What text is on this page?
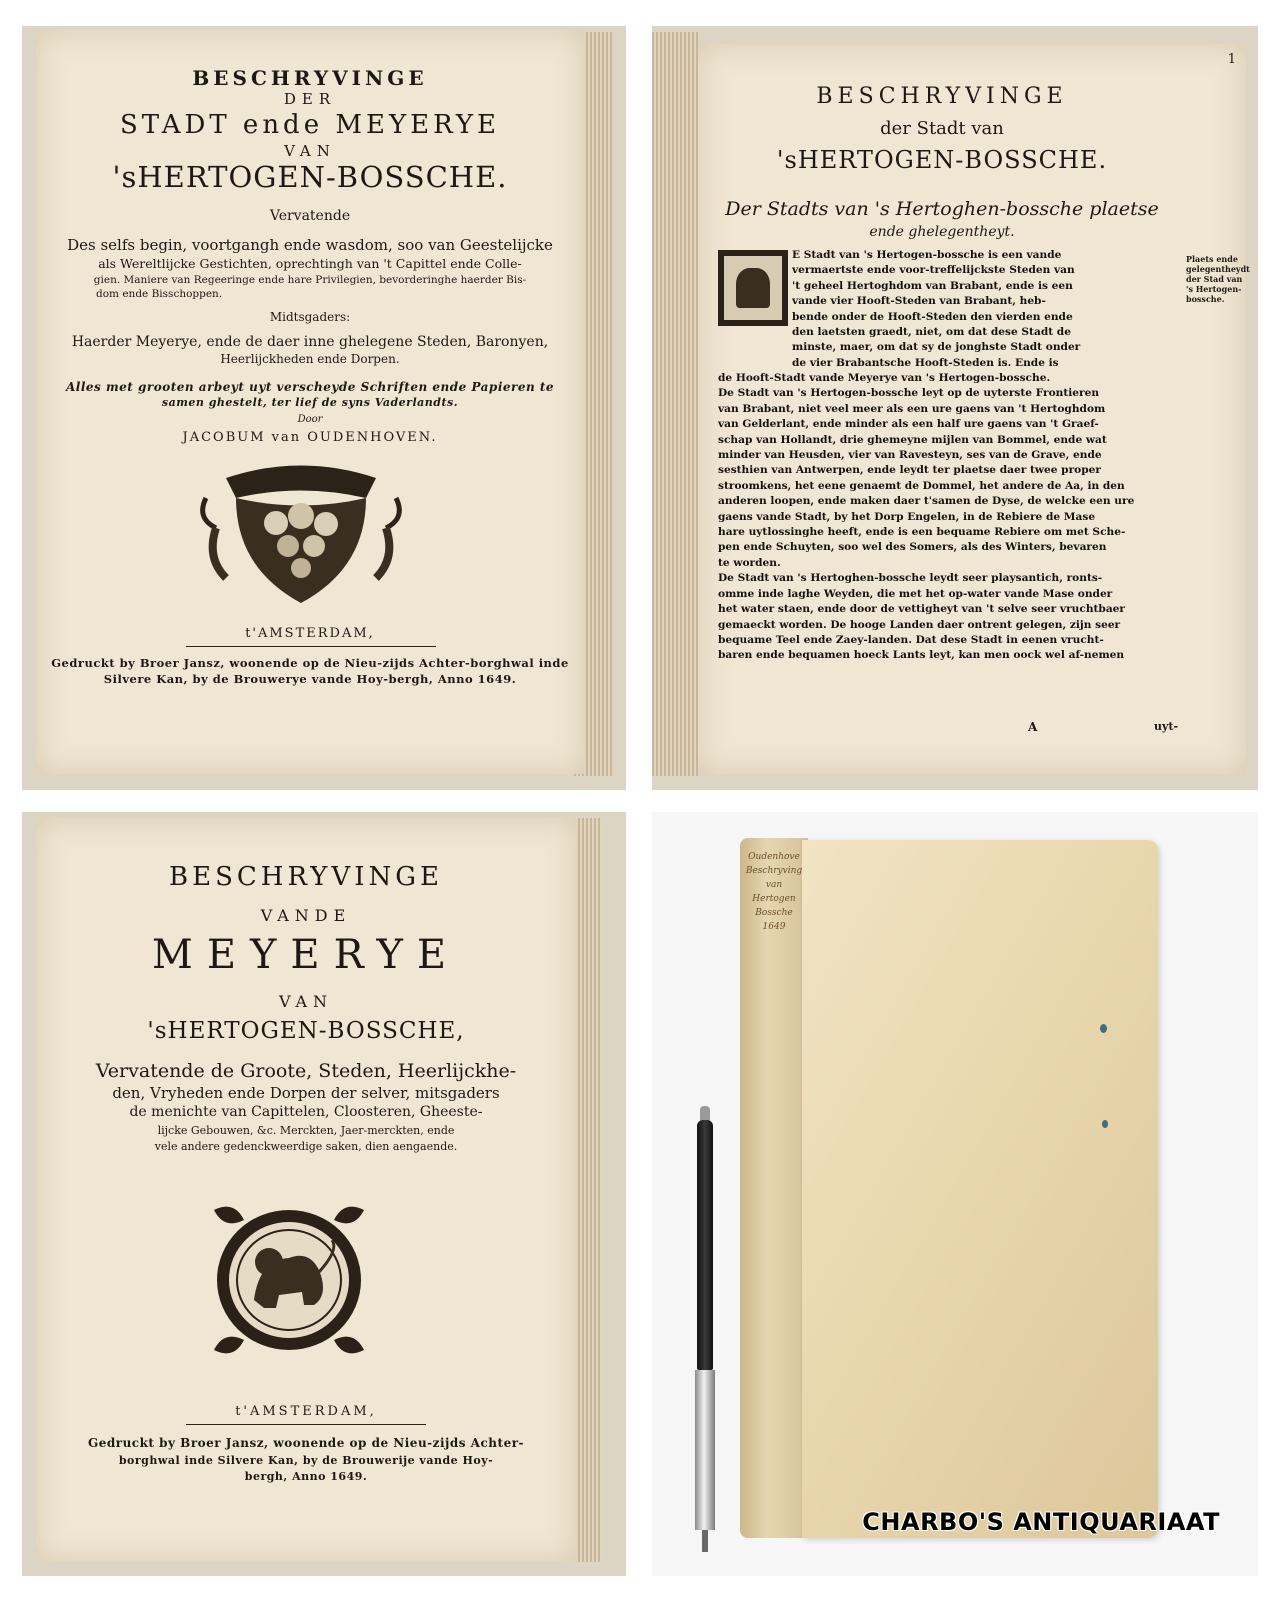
BESCHRYVINGE
DER
STADT ende MEYERYE
VAN
'sHERTOGEN-BOSSCHE.
Vervatende
Des selfs begin, voortgangh ende wasdom, soo van Geestelijcke
als Wereltlijcke Gestichten, oprechtingh van 't Capittel ende Colle-
gien. Maniere van Regeeringe ende hare Privilegien, bevorderinghe haerder Bis-
dom ende Bisschoppen.
Midtsgaders:
Haerder Meyerye, ende de daer inne ghelegene Steden, Baronyen,
Heerlijckheden ende Dorpen.
Alles met grooten arbeyt uyt verscheyde Schriften ende Papieren te
samen ghestelt, ter lief de syns Vaderlandts.
Door
JACOBUM van OUDENHOVEN.
t'AMSTERDAM,
Gedruckt by Broer Jansz, woonende op de Nieu-zijds Achter-borghwal inde
Silvere Kan, by de Brouwerye vande Hoy-bergh, Anno 1649.
1
BESCHRYVINGE
der Stadt van
'sHERTOGEN-BOSSCHE.
Der Stadts van 's Hertoghen-bossche plaetse
ende ghelegentheyt.
E Stadt van 's Hertogen-bossche is een vande
vermaertste ende voor-treffelijckste Steden van
't geheel Hertoghdom van Brabant, ende is een
vande vier Hooft-Steden van Brabant, heb-
bende onder de Hooft-Steden den vierden ende
den laetsten graedt, niet, om dat dese Stadt de
minste, maer, om dat sy de jonghste Stadt onder
de vier Brabantsche Hooft-Steden is. Ende is
Plaets ende
gelegentheydt
der Stad van
's Hertogen-
bossche.
de Hooft-Stadt vande Meyerye van 's Hertogen-bossche.
De Stadt van 's Hertogen-bossche leyt op de uyterste Frontieren
van Brabant, niet veel meer als een ure gaens van 't Hertoghdom
van Gelderlant, ende minder als een half ure gaens van 't Graef-
schap van Hollandt, drie ghemeyne mijlen van Bommel, ende wat
minder van Heusden, vier van Ravesteyn, ses van de Grave, ende
sesthien van Antwerpen, ende leydt ter plaetse daer twee proper
stroomkens, het eene genaemt de Dommel, het andere de Aa, in den
anderen loopen, ende maken daer t'samen de Dyse, de welcke een ure
gaens vande Stadt, by het Dorp Engelen, in de Rebiere de Mase
hare uytlossinghe heeft, ende is een bequame Rebiere om met Sche-
pen ende Schuyten, soo wel des Somers, als des Winters, bevaren
te worden.
De Stadt van 's Hertoghen-bossche leydt seer playsantich, ronts-
omme inde laghe Weyden, die met het op-water vande Mase onder
het water staen, ende door de vettigheyt van 't selve seer vruchtbaer
gemaeckt worden. De hooge Landen daer ontrent gelegen, zijn seer
bequame Teel ende Zaey-landen. Dat dese Stadt in eenen vrucht-
baren ende bequamen hoeck Lants leyt, kan men oock wel af-nemen
A	uyt-
BESCHRYVINGE
VANDE
MEYERYE
VAN
'sHERTOGEN-BOSSCHE,
Vervatende de Groote, Steden, Heerlijckhe-
den, Vryheden ende Dorpen der selver, mitsgaders
de menichte van Capittelen, Cloosteren, Gheeste-
lijcke Gebouwen, &c. Merckten, Jaer-merckten, ende
vele andere gedenckweerdige saken, dien aengaende.
t'AMSTERDAM,
Gedruckt by Broer Jansz, woonende op de Nieu-zijds Achter-
borghwal inde Silvere Kan, by de Brouwerije vande Hoy-
bergh, Anno 1649.
Oudenhove
Beschryving
van
Hertogen
Bossche
1649
CHARBO'S ANTIQUARIAAT
